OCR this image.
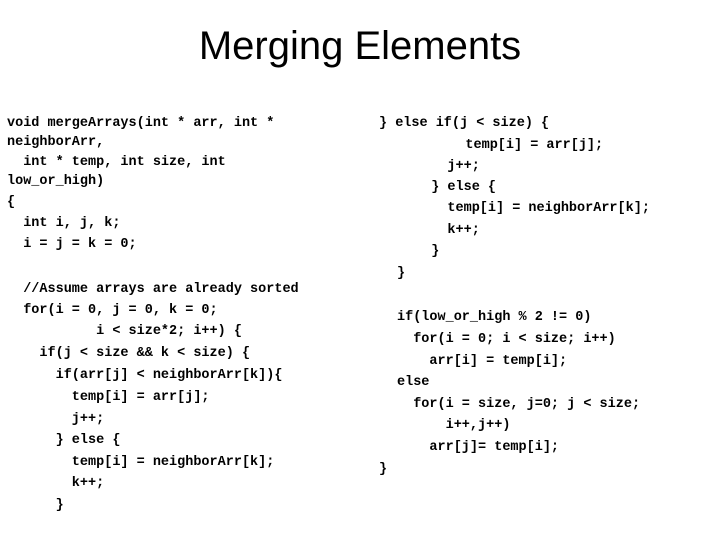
Merging Elements
void mergeArrays(int * arr, int *
neighborArr,
int * temp, int size, int
low_or_high)
{
int i, j, k;
i = j = k = 0;
//Assume arrays are already sorted
for(i = 0, j = 0, k = 0;
i < size*2; i++) {
if(j < size && k < size) {
if(arr[j] < neighborArr[k]){
temp[i] = arr[j];
j++;
} else {
temp[i] = neighborArr[k];
k++;
}
} else if(j < size) {
temp[i] = arr[j];
j++;
} else {
temp[i] = neighborArr[k];
k++;
}
}
if(low_or_high % 2 != 0)
for(i = 0; i < size; i++)
arr[i] = temp[i];
else
for(i = size, j=0; j < size;
i++,j++)
arr[j]= temp[i];
}
